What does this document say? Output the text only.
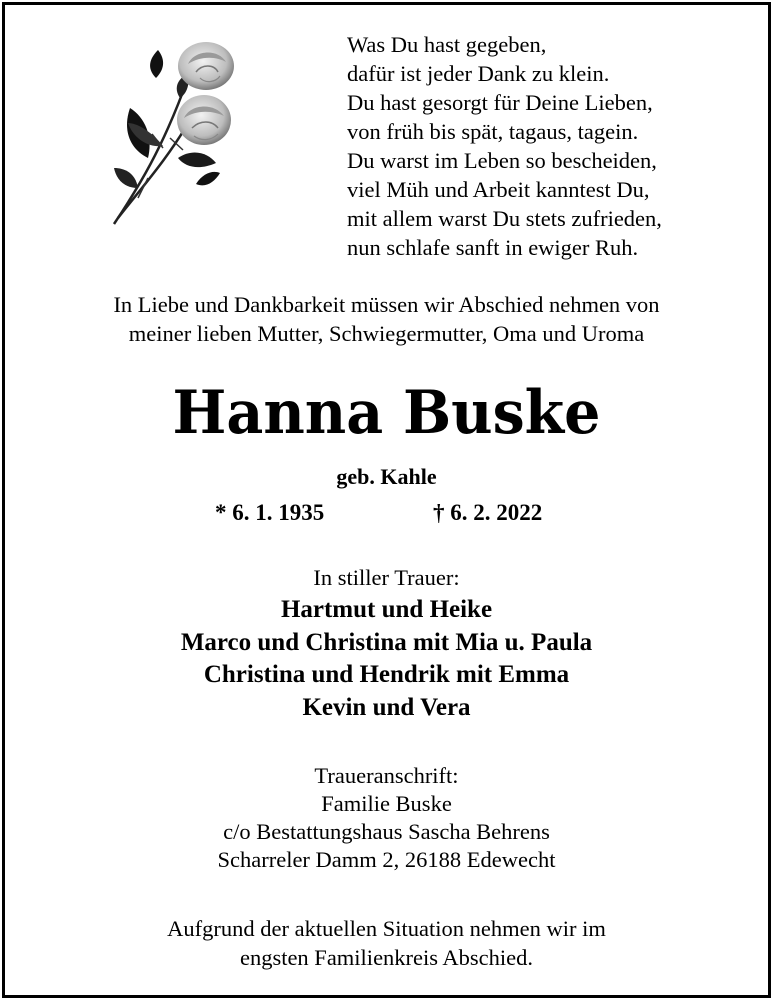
Was Du hast gegeben,
dafür ist jeder Dank zu klein.
Du hast gesorgt für Deine Lieben,
von früh bis spät, tagaus, tagein.
Du warst im Leben so bescheiden,
viel Müh und Arbeit kanntest Du,
mit allem warst Du stets zufrieden,
nun schlafe sanft in ewiger Ruh.
In Liebe und Dankbarkeit müssen wir Abschied nehmen von
meiner lieben Mutter, Schwiegermutter, Oma und Uroma
Hanna Buske
geb. Kahle
* 6. 1. 1935	† 6. 2. 2022
In stiller Trauer:
Hartmut und Heike
Marco und Christina mit Mia u. Paula
Christina und Hendrik mit Emma
Kevin und Vera
Traueranschrift:
Familie Buske
c/o Bestattungshaus Sascha Behrens
Scharreler Damm 2, 26188 Edewecht
Aufgrund der aktuellen Situation nehmen wir im
engsten Familienkreis Abschied.
